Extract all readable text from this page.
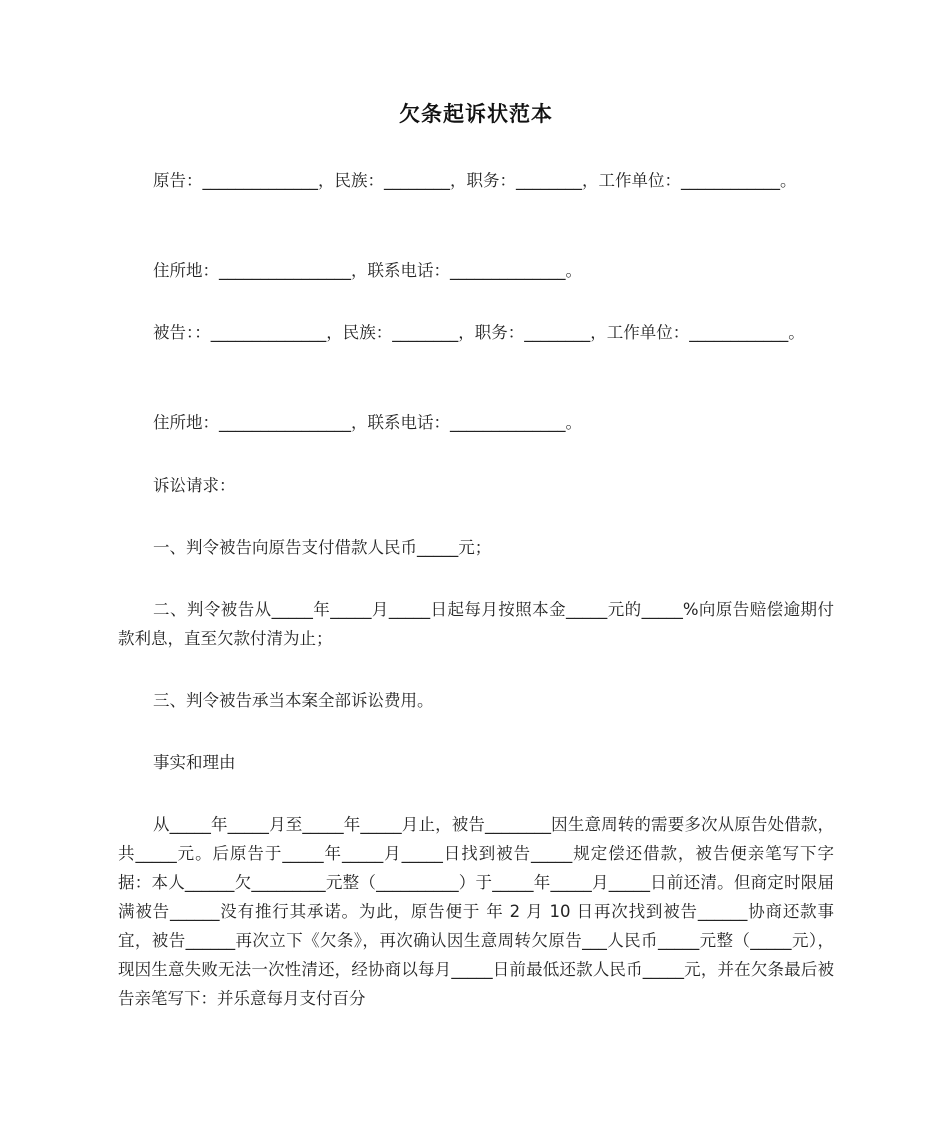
欠条起诉状范本

原告：______________，民族：________，职务：________，工作单位：____________。

住所地：________________，联系电话：______________。

被告：：______________，民族：________，职务：________，工作单位：____________。

住所地：________________，联系电话：______________。

诉讼请求：

一、判令被告向原告支付借款人民币_____元；

二、判令被告从_____年_____月_____日起每月按照本金_____元的_____%向原告赔偿逾期付款利息，直至欠款付清为止；

三、判令被告承当本案全部诉讼费用。

事实和理由

从_____年_____月至_____年_____月止，被告________因生意周转的需要多次从原告处借款，共_____元。后原告于_____年_____月_____日找到被告_____规定偿还借款，被告便亲笔写下字据：本人______欠_________元整（__________）于_____年_____月_____日前还清。但商定时限届满被告______没有推行其承诺。为此，原告便于 年 2 月 10 日再次找到被告______协商还款事宜，被告______再次立下《欠条》，再次确认因生意周转欠原告___人民币_____元整（_____元），现因生意失败无法一次性清还，经协商以每月_____日前最低还款人民币_____元，并在欠条最后被告亲笔写下：并乐意每月支付百分
